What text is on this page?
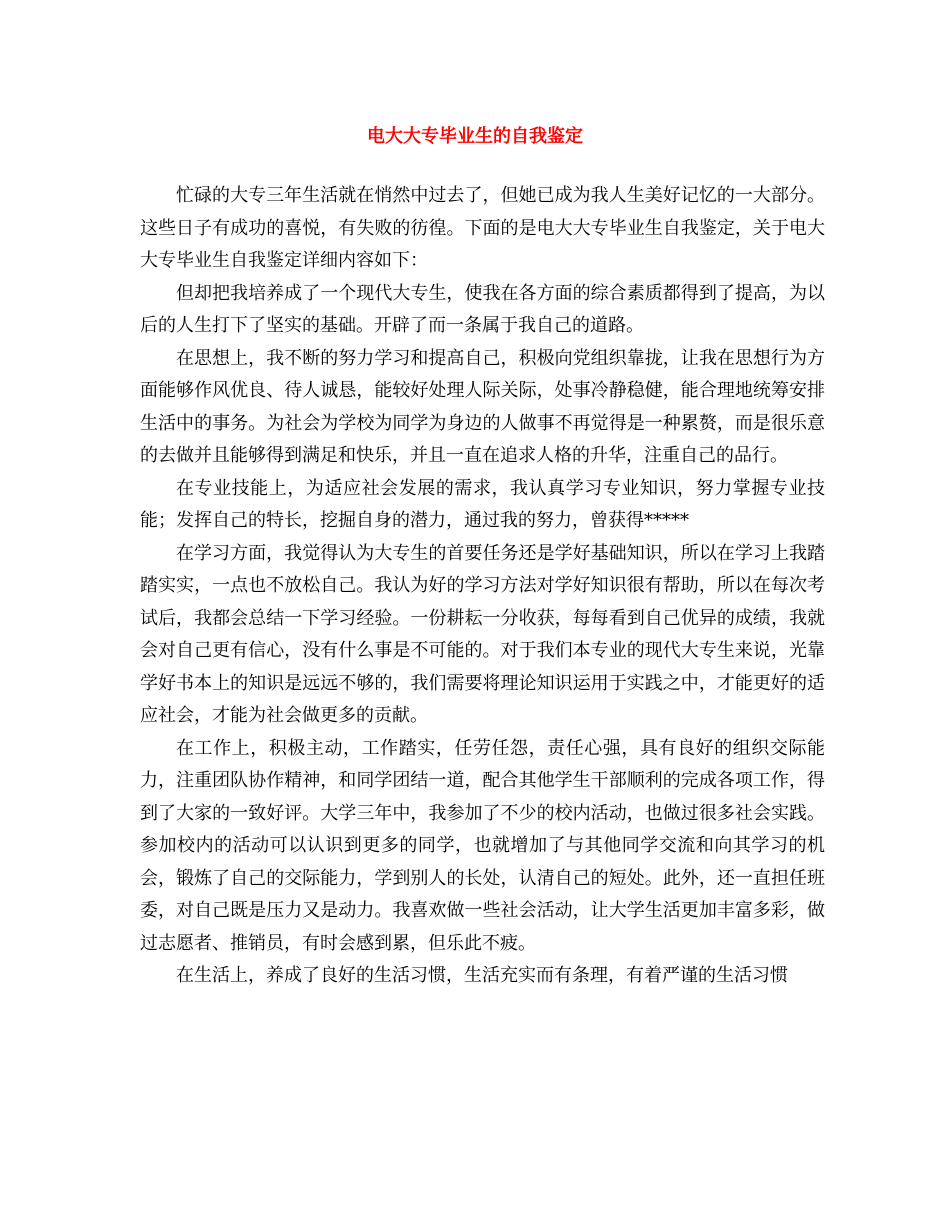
电大大专毕业生的自我鉴定

忙碌的大专三年生活就在悄然中过去了，但她已成为我人生美好记忆的一大部分。这些日子有成功的喜悦，有失败的彷徨。下面的是电大大专毕业生自我鉴定，关于电大大专毕业生自我鉴定详细内容如下：

但却把我培养成了一个现代大专生，使我在各方面的综合素质都得到了提高，为以后的人生打下了坚实的基础。开辟了而一条属于我自己的道路。

在思想上，我不断的努力学习和提高自己，积极向党组织靠拢，让我在思想行为方面能够作风优良、待人诚恳，能较好处理人际关际，处事冷静稳健，能合理地统筹安排生活中的事务。为社会为学校为同学为身边的人做事不再觉得是一种累赘，而是很乐意的去做并且能够得到满足和快乐，并且一直在追求人格的升华，注重自己的品行。

在专业技能上，为适应社会发展的需求，我认真学习专业知识，努力掌握专业技能；发挥自己的特长，挖掘自身的潜力，通过我的努力，曾获得*****

在学习方面，我觉得认为大专生的首要任务还是学好基础知识，所以在学习上我踏踏实实，一点也不放松自己。我认为好的学习方法对学好知识很有帮助，所以在每次考试后，我都会总结一下学习经验。一份耕耘一分收获，每每看到自己优异的成绩，我就会对自己更有信心，没有什么事是不可能的。对于我们本专业的现代大专生来说，光靠学好书本上的知识是远远不够的，我们需要将理论知识运用于实践之中，才能更好的适应社会，才能为社会做更多的贡献。

在工作上，积极主动，工作踏实，任劳任怨，责任心强，具有良好的组织交际能力，注重团队协作精神，和同学团结一道，配合其他学生干部顺利的完成各项工作，得到了大家的一致好评。大学三年中，我参加了不少的校内活动，也做过很多社会实践。参加校内的活动可以认识到更多的同学，也就增加了与其他同学交流和向其学习的机会，锻炼了自己的交际能力，学到别人的长处，认清自己的短处。此外，还一直担任班委，对自己既是压力又是动力。我喜欢做一些社会活动，让大学生活更加丰富多彩，做过志愿者、推销员，有时会感到累，但乐此不疲。

在生活上，养成了良好的生活习惯，生活充实而有条理，有着严谨的生活习惯
